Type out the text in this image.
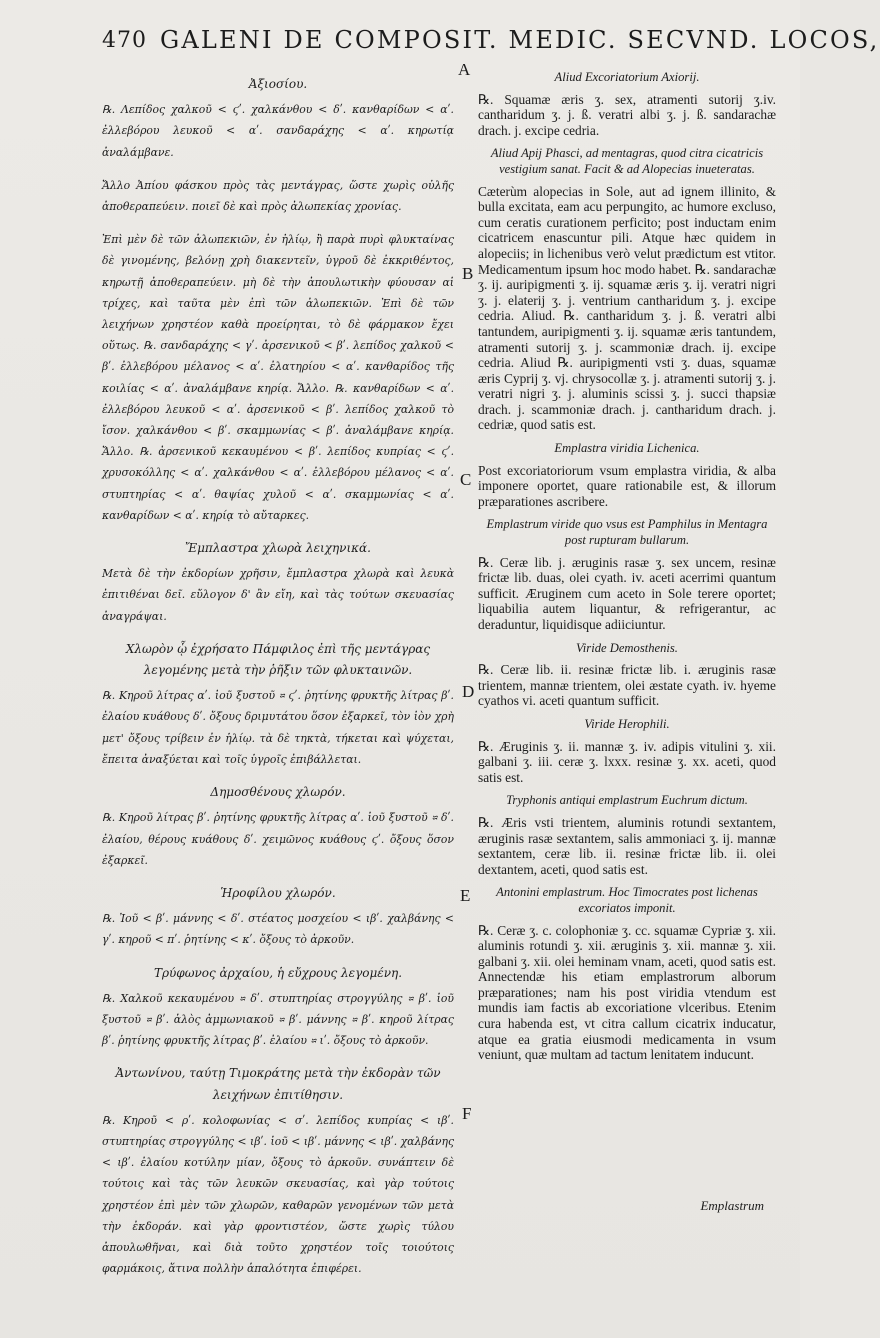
470 GALENI DE COMPOSIT. MEDIC. SECVND. LOCOS,
Ἀξιοσίου.
℞. Λεπίδος χαλκοῦ < ϛʹ. χαλκάνθου < δʹ. κανθαρίδων < αʹ. ἐλλεβόρου λευκοῦ < αʹ. σανδαράχης < αʹ. κηρωτίᾳ ἀναλάμβανε.
Ἄλλο Ἀπίου φάσκου πρὸς τὰς μεντάγρας, ὥστε χωρὶς οὐλῆς ἀποθεραπεύειν. ποιεῖ δὲ καὶ πρὸς ἀλωπεκίας χρονίας.
Ἐπὶ μὲν δὲ τῶν ἀλωπεκιῶν, ἐν ἡλίῳ, ἢ παρὰ πυρὶ φλυκταίνας δὲ γινομένης, βελόνῃ χρὴ διακεντεῖν, ὑγροῦ δὲ ἐκκριθέντος, κηρωτῇ ἀποθεραπεύειν. μὴ δὲ τὴν ἀπουλωτικὴν φύουσαν αἱ τρίχες, καὶ ταῦτα μὲν ἐπὶ τῶν ἀλωπεκιῶν. Ἐπὶ δὲ τῶν λειχήνων χρηστέον καθὰ προείρηται, τὸ δὲ φάρμακον ἔχει οὕτως. ℞. σανδαράχης < γʹ. ἀρσενικοῦ < βʹ. λεπίδος χαλκοῦ < βʹ. ἐλλεβόρου μέλανος < αʹ. ἐλατηρίου < αʹ. κανθαρίδος τῆς κοιλίας < αʹ. ἀναλάμβανε κηρίᾳ. Ἄλλο. ℞. κανθαρίδων < αʹ. ἐλλεβόρου λευκοῦ < αʹ. ἀρσενικοῦ < βʹ. λεπίδος χαλκοῦ τὸ ἴσον. χαλκάνθου < βʹ. σκαμμωνίας < βʹ. ἀναλάμβανε κηρίᾳ. Ἄλλο. ℞. ἀρσενικοῦ κεκαυμένου < βʹ. λεπίδος κυπρίας < ϛʹ. χρυσοκόλλης < αʹ. χαλκάνθου < αʹ. ἐλλεβόρου μέλανος < αʹ. στυπτηρίας < αʹ. θαψίας χυλοῦ < αʹ. σκαμμωνίας < αʹ. κανθαρίδων < αʹ. κηρίᾳ τὸ αὔταρκες.
Ἔμπλαστρα χλωρὰ λειχηνικά.
Μετὰ δὲ τὴν ἐκδορίων χρῆσιν, ἔμπλαστρα χλωρὰ καὶ λευκὰ ἐπιτιθέναι δεῖ. εὔλογον δ' ἂν εἴη, καὶ τὰς τούτων σκευασίας ἀναγράψαι.
Χλωρὸν ᾧ ἐχρήσατο Πάμφιλος ἐπὶ τῆς μεντάγρας λεγομένης μετὰ τὴν ῥῆξιν τῶν φλυκταινῶν.
℞. Κηροῦ λίτρας αʹ. ἰοῦ ξυστοῦ 𐅽 ϛʹ. ῥητίνης φρυκτῆς λίτρας βʹ. ἐλαίου κυάθους δʹ. ὄξους δριμυτάτου ὅσον ἐξαρκεῖ, τὸν ἰὸν χρὴ μετ' ὄξους τρίβειν ἐν ἡλίῳ. τὰ δὲ τηκτὰ, τήκεται καὶ ψύχεται, ἔπειτα ἀναξύεται καὶ τοῖς ὑγροῖς ἐπιβάλλεται.
Δημοσθένους χλωρόν.
℞. Κηροῦ λίτρας βʹ. ῥητίνης φρυκτῆς λίτρας αʹ. ἰοῦ ξυστοῦ 𐅽 δʹ. ἐλαίου, θέρους κυάθους δʹ. χειμῶνος κυάθους ϛʹ. ὄξους ὅσον ἐξαρκεῖ.
Ἡροφίλου χλωρόν.
℞. Ἰοῦ < βʹ. μάννης < δʹ. στέατος μοσχείου < ιβʹ. χαλβάνης < γʹ. κηροῦ < πʹ. ῥητίνης < κʹ. ὄξους τὸ ἀρκοῦν.
Τρύφωνος ἀρχαίου, ἡ εὔχρους λεγομένη.
℞. Χαλκοῦ κεκαυμένου 𐅽 δʹ. στυπτηρίας στρογγύλης 𐅽 βʹ. ἰοῦ ξυστοῦ 𐅽 βʹ. ἁλὸς ἀμμωνιακοῦ 𐅽 βʹ. μάννης 𐅽 βʹ. κηροῦ λίτρας βʹ. ῥητίνης φρυκτῆς λίτρας βʹ. ἐλαίου 𐅽 ιʹ. ὄξους τὸ ἀρκοῦν.
Ἀντωνίνου, ταύτῃ Τιμοκράτης μετὰ τὴν ἐκδορὰν τῶν λειχήνων ἐπιτίθησιν.
℞. Κηροῦ < ρʹ. κολοφωνίας < σʹ. λεπίδος κυπρίας < ιβʹ. στυπτηρίας στρογγύλης < ιβʹ. ἰοῦ < ιβʹ. μάννης < ιβʹ. χαλβάνης < ιβʹ. ἐλαίου κοτύλην μίαν, ὄξους τὸ ἀρκοῦν. συνάπτειν δὲ τούτοις καὶ τὰς τῶν λευκῶν σκευασίας, καὶ γὰρ τούτοις χρηστέον ἐπὶ μὲν τῶν χλωρῶν, καθαρῶν γενομένων τῶν μετὰ τὴν ἐκδοράν. καὶ γὰρ φροντιστέον, ὥστε χωρὶς τύλου ἀπουλωθῆναι, καὶ διὰ τοῦτο χρηστέον τοῖς τοιούτοις φαρμάκοις, ἅτινα πολλὴν ἁπαλότητα ἐπιφέρει.
Aliud Excoriatorium Axiorij.
℞. Squamæ æris ʒ. sex, atramenti sutorij ʒ.iv. cantharidum ʒ. j. ß. veratri albi ʒ. j. ß. sandarachæ drach. j. excipe cedria.
Aliud Apij Phasci, ad mentagras, quod citra cicatricis vestigium sanat. Facit & ad Alopecias inueteratas.
Cæterùm alopecias in Sole, aut ad ignem illinito, & bulla excitata, eam acu perpungito, ac humore excluso, cum ceratis curationem perficito; post inductam enim cicatricem enascuntur pili. Atque hæc quidem in alopeciis; in lichenibus verò velut prædictum est vtitor. Medicamentum ipsum hoc modo habet. ℞. sandarachæ ʒ. ij. auripigmenti ʒ. ij. squamæ æris ʒ. ij. veratri nigri ʒ. j. elaterij ʒ. j. ventrium cantharidum ʒ. j. excipe cedria. Aliud. ℞. cantharidum ʒ. j. ß. veratri albi tantundem, auripigmenti ʒ. ij. squamæ æris tantundem, atramenti sutorij ʒ. j. scammoniæ drach. ij. excipe cedria. Aliud ℞. auripigmenti vsti ʒ. duas, squamæ æris Cyprij ʒ. vj. chrysocollæ ʒ. j. atramenti sutorij ʒ. j. veratri nigri ʒ. j. aluminis scissi ʒ. j. succi thapsiæ drach. j. scammoniæ drach. j. cantharidum drach. j. cedriæ, quod satis est.
Emplastra viridia Lichenica.
Post excoriatoriorum vsum emplastra viridia, & alba imponere oportet, quare rationabile est, & illorum præparationes ascribere.
Emplastrum viride quo vsus est Pamphilus in Mentagra post rupturam bullarum.
℞. Ceræ lib. j. æruginis rasæ ʒ. sex uncem, resinæ frictæ lib. duas, olei cyath. iv. aceti acerrimi quantum sufficit. Æruginem cum aceto in Sole terere oportet; liquabilia autem liquantur, & refrigerantur, ac deraduntur, liquidisque adiiciuntur.
Viride Demosthenis.
℞. Ceræ lib. ii. resinæ frictæ lib. i. æruginis rasæ trientem, mannæ trientem, olei æstate cyath. iv. hyeme cyathos vi. aceti quantum sufficit.
Viride Herophili.
℞. Æruginis ʒ. ii. mannæ ʒ. iv. adipis vitulini ʒ. xii. galbani ʒ. iii. ceræ ʒ. lxxx. resinæ ʒ. xx. aceti, quod satis est.
Tryphonis antiqui emplastrum Euchrum dictum.
℞. Æris vsti trientem, aluminis rotundi sextantem, æruginis rasæ sextantem, salis ammoniaci ʒ. ij. mannæ sextantem, ceræ lib. ii. resinæ frictæ lib. ii. olei dextantem, aceti, quod satis est.
Antonini emplastrum. Hoc Timocrates post lichenas excoriatos imponit.
℞. Ceræ ʒ. c. colophoniæ ʒ. cc. squamæ Cypriæ ʒ. xii. aluminis rotundi ʒ. xii. æruginis ʒ. xii. mannæ ʒ. xii. galbani ʒ. xii. olei heminam vnam, aceti, quod satis est. Annectendæ his etiam emplastrorum alborum præparationes; nam his post viridia vtendum est mundis iam factis ab excoriatione vlceribus. Etenim cura habenda est, vt citra callum cicatrix inducatur, atque ea gratia eiusmodi medicamenta in vsum veniunt, quæ multam ad tactum lenitatem inducunt.
A
B
C
D
E
F
Emplastrum
